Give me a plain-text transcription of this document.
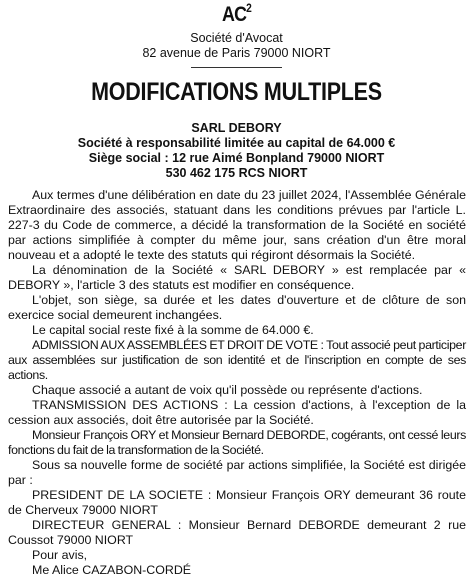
$AC^2$
Société d'Avocat
82 avenue de Paris 79000 NIORT
MODIFICATIONS MULTIPLES
SARL DEBORY
Société à responsabilité limitée au capital de 64.000 €
Siège social : 12 rue Aimé Bonpland 79000 NIORT
530 462 175 RCS NIORT

Aux termes d'une délibération en date du 23 juillet 2024, l'Assemblée Générale Extraordinaire des associés, statuant dans les conditions prévues par l'article L. 227-3 du Code de commerce, a décidé la transformation de la Société en société par actions simplifiée à compter du même jour, sans création d'un être moral nouveau et a adopté le texte des statuts qui régiront désormais la Société.

La dénomination de la Société « SARL DEBORY » est remplacée par « DEBORY », l'article 3 des statuts est modifier en conséquence.

L'objet, son siège, sa durée et les dates d'ouverture et de clôture de son exercice social demeurent inchangées.

Le capital social reste fixé à la somme de 64.000 €.

ADMISSION AUX ASSEMBLÉES ET DROIT DE VOTE : Tout associé peut participer aux assemblées sur justification de son identité et de l'inscription en compte de ses actions.

Chaque associé a autant de voix qu'il possède ou représente d'actions.

TRANSMISSION DES ACTIONS : La cession d'actions, à l'exception de la cession aux associés, doit être autorisée par la Société.

Monsieur François ORY et Monsieur Bernard DEBORDE, cogérants, ont cessé leurs fonctions du fait de la transformation de la Société.

Sous sa nouvelle forme de société par actions simplifiée, la Société est dirigée par :

PRESIDENT DE LA SOCIETE : Monsieur François ORY demeurant 36 route de Cherveux 79000 NIORT

DIRECTEUR GENERAL : Monsieur Bernard DEBORDE demeurant 2 rue Coussot 79000 NIORT

Pour avis,

Me Alice CAZABON-CORDÉ
